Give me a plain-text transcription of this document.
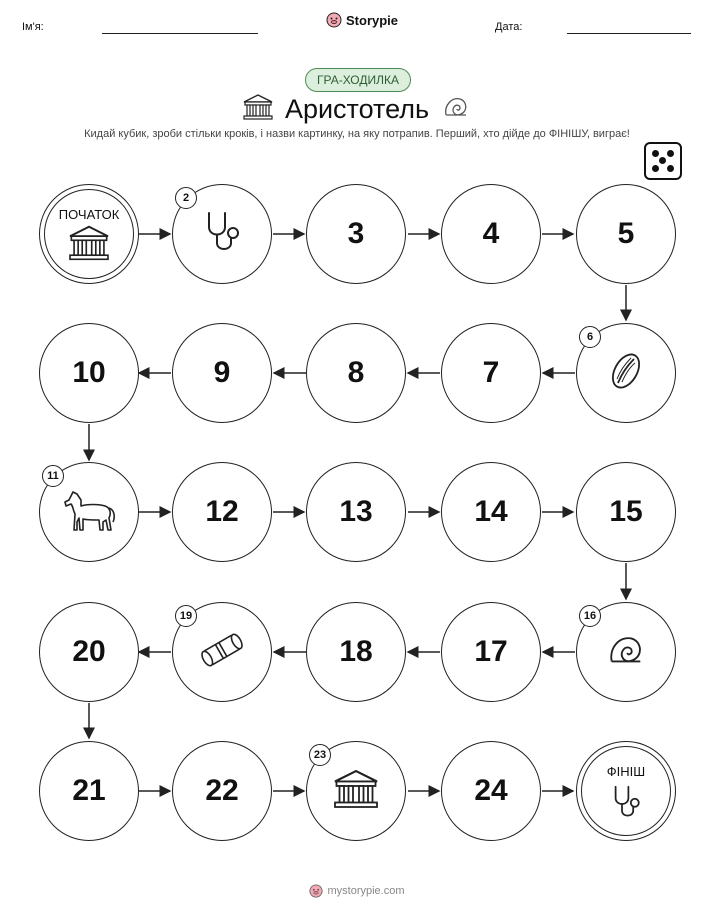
Ім'я:	Storypie	Дата:
ГРА-ХОДИЛКА
Аристотель
Кидай кубик, зроби стільки кроків, і назви картинку, на яку потрапив. Перший, хто дійде до ФІНІШУ, виграє!
ПОЧАТОК
2
3	4	5
10	9	8	7
6
11
12	13	14	15
20
19
18	17
16
21	22
23
24
ФІНІШ
mystorypie.com
